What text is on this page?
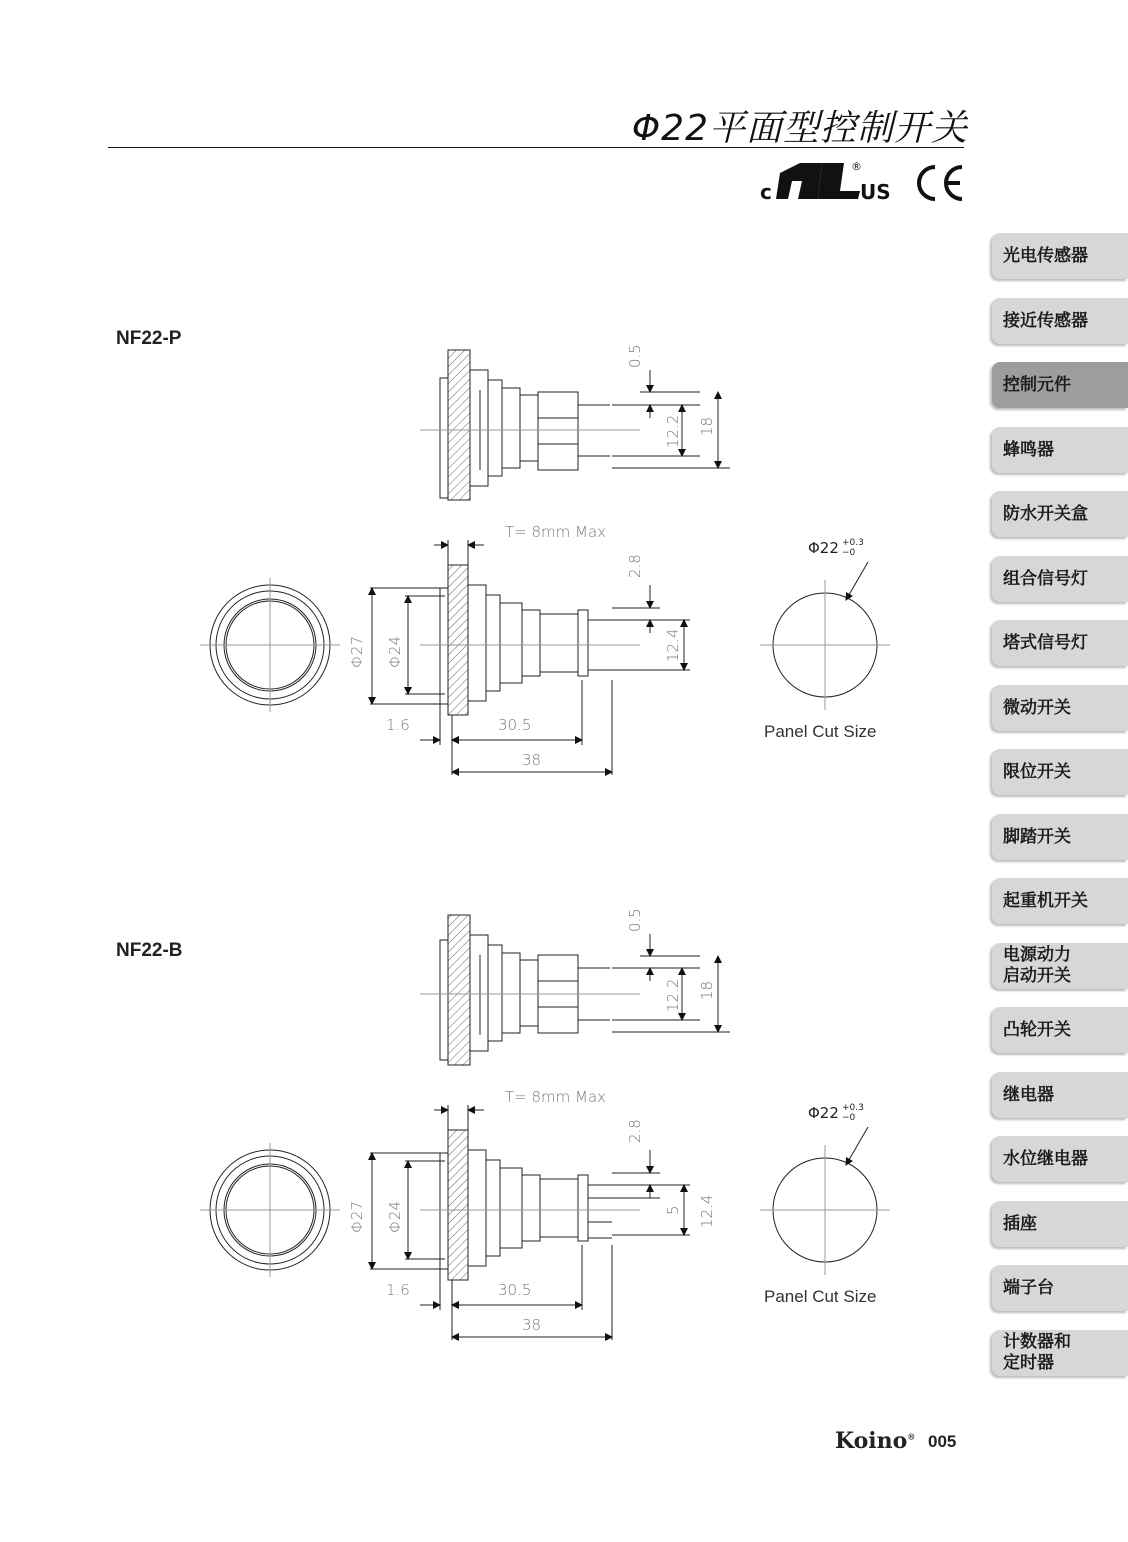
Φ22平面型控制开关
c
®
US
NF22-P
NF22-B
0.5
12.2 18
T= 8mm Max
2.8
12.4
Φ27 Φ24
1.6	30.5
38
Φ22 +0.3
−0
Panel Cut Size
0.5
12.2 18
T= 8mm Max
2.8
5 12.4
Φ27 Φ24
1.6	30.5
38
Φ22 +0.3
−0
Panel Cut Size
光电传感器
接近传感器
控制元件
蜂鸣器
防水开关盒
组合信号灯
塔式信号灯
微动开关
限位开关
脚踏开关
起重机开关
电源动力
启动开关
凸轮开关
继电器
水位继电器
插座
端子台
计数器和
定时器
Koino® 005
